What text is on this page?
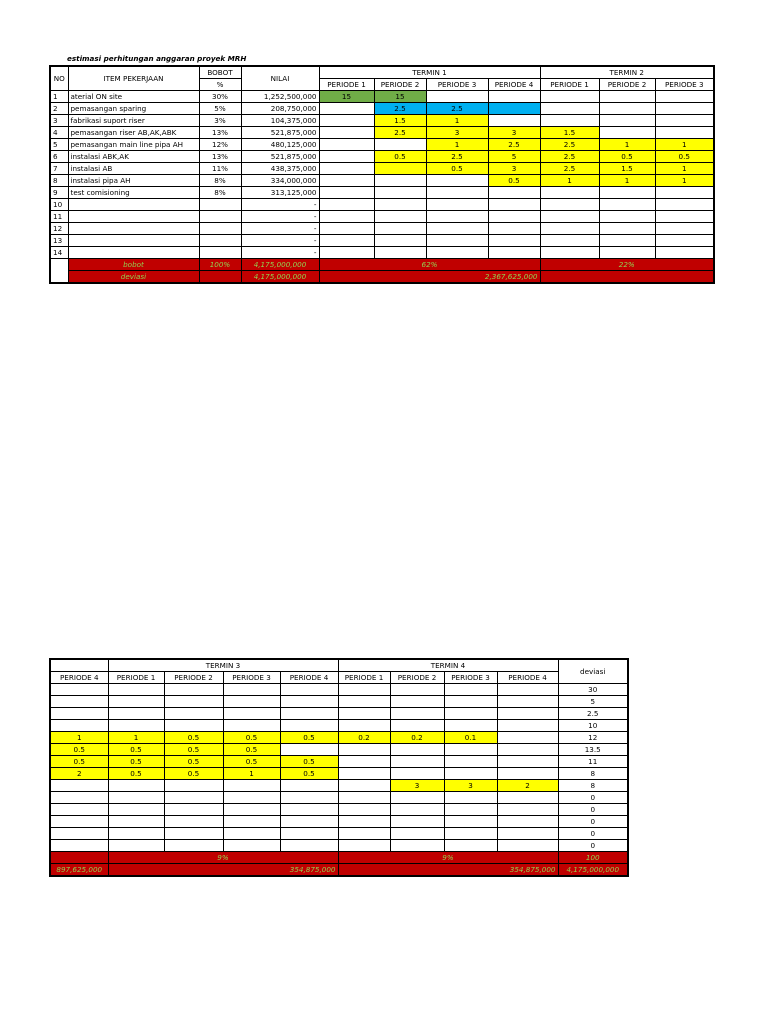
estimasi perhitungan anggaran proyek MRH
NO	ITEM PEKERJAAN	BOBOT	NILAI	TERMIN 1				TERMIN 2		
		%		PERIODE 1	PERIODE 2	PERIODE 3	PERIODE 4	PERIODE 1	PERIODE 2	PERIODE 3
1	aterial ON site	30%	1,252,500,000	15	15					
2	pemasangan sparing	5%	208,750,000		2.5	2.5				
3	fabrikasi suport riser	3%	104,375,000		1.5	1				
4	pemasangan riser AB,AK,ABK	13%	521,875,000		2.5	3	3	1.5		
5	pemasangan main line pipa AH	12%	480,125,000			1	2.5	2.5	1	1
6	instalasi ABK,AK	13%	521,875,000		0.5	2.5	5	2.5	0.5	0.5
7	instalasi AB	11%	438,375,000			0.5	3	2.5	1.5	1
8	instalasi pipa AH	8%	334,000,000				0.5	1	1	1
9	test comisioning	8%	313,125,000							
10			-							
11			-							
12			-							
13			-							
14			-							
	bobot	100%	4,175,000,000	62%				22%		
	deviasi		4,175,000,000	2,367,625,000						
	TERMIN 3				TERMIN 4				deviasi
PERIODE 4	PERIODE 1	PERIODE 2	PERIODE 3	PERIODE 4	PERIODE 1	PERIODE 2	PERIODE 3	PERIODE 4	
									30
									5
									2.5
									10
1	1	0.5	0.5	0.5	0.2	0.2	0.1		12
0.5	0.5	0.5	0.5						13.5
0.5	0.5	0.5	0.5	0.5					11
2	0.5	0.5	1	0.5					8
						3	3	2	8
									0
									0
									0
									0
									0
	9%				9%				100
897,625,000	354,875,000				354,875,000				4,175,000,000
